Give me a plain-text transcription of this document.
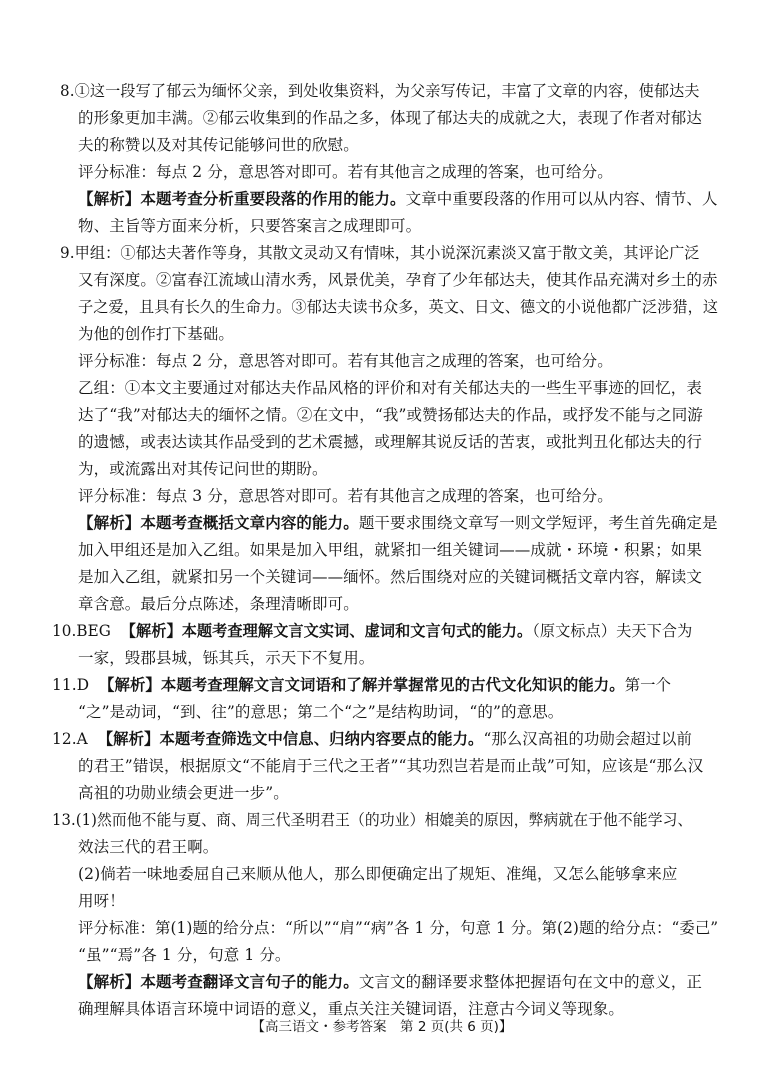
8.①这一段写了郁云为缅怀父亲，到处收集资料，为父亲写传记，丰富了文章的内容，使郁达夫
的形象更加丰满。②郁云收集到的作品之多，体现了郁达夫的成就之大，表现了作者对郁达
夫的称赞以及对其传记能够问世的欣慰。
评分标准：每点 2 分，意思答对即可。若有其他言之成理的答案，也可给分。
【解析】本题考查分析重要段落的作用的能力。文章中重要段落的作用可以从内容、情节、人
物、主旨等方面来分析，只要答案言之成理即可。
9.甲组：①郁达夫著作等身，其散文灵动又有情味，其小说深沉素淡又富于散文美，其评论广泛
又有深度。②富春江流域山清水秀，风景优美，孕育了少年郁达夫，使其作品充满对乡土的赤
子之爱，且具有长久的生命力。③郁达夫读书众多，英文、日文、德文的小说他都广泛涉猎，这
为他的创作打下基础。
评分标准：每点 2 分，意思答对即可。若有其他言之成理的答案，也可给分。
乙组：①本文主要通过对郁达夫作品风格的评价和对有关郁达夫的一些生平事迹的回忆，表
达了“我”对郁达夫的缅怀之情。②在文中，“我”或赞扬郁达夫的作品，或抒发不能与之同游
的遗憾，或表达读其作品受到的艺术震撼，或理解其说反话的苦衷，或批判丑化郁达夫的行
为，或流露出对其传记问世的期盼。
评分标准：每点 3 分，意思答对即可。若有其他言之成理的答案，也可给分。
【解析】本题考查概括文章内容的能力。题干要求围绕文章写一则文学短评，考生首先确定是
加入甲组还是加入乙组。如果是加入甲组，就紧扣一组关键词——成就・环境・积累；如果
是加入乙组，就紧扣另一个关键词——缅怀。然后围绕对应的关键词概括文章内容，解读文
章含意。最后分点陈述，条理清晰即可。
10.BEG 【解析】本题考查理解文言文实词、虚词和文言句式的能力。（原文标点）夫天下合为
一家，毁郡县城，铄其兵，示天下不复用。
11.D 【解析】本题考查理解文言文词语和了解并掌握常见的古代文化知识的能力。第一个
“之”是动词，“到、往”的意思；第二个“之”是结构助词，“的”的意思。
12.A 【解析】本题考查筛选文中信息、归纳内容要点的能力。“那么汉高祖的功勋会超过以前
的君王”错误，根据原文“不能肩于三代之王者”“其功烈岂若是而止哉”可知，应该是“那么汉
高祖的功勋业绩会更进一步”。
13.(1)然而他不能与夏、商、周三代圣明君王（的功业）相媲美的原因，弊病就在于他不能学习、
效法三代的君王啊。
(2)倘若一味地委屈自己来顺从他人，那么即便确定出了规矩、准绳，又怎么能够拿来应
用呀！
评分标准：第(1)题的给分点：“所以”“肩”“病”各 1 分，句意 1 分。第(2)题的给分点：“委己”
“虽”“焉”各 1 分，句意 1 分。
【解析】本题考查翻译文言句子的能力。文言文的翻译要求整体把握语句在文中的意义，正
确理解具体语言环境中词语的意义，重点关注关键词语，注意古今词义等现象。
【高三语文・参考答案　第 2 页(共 6 页)】
